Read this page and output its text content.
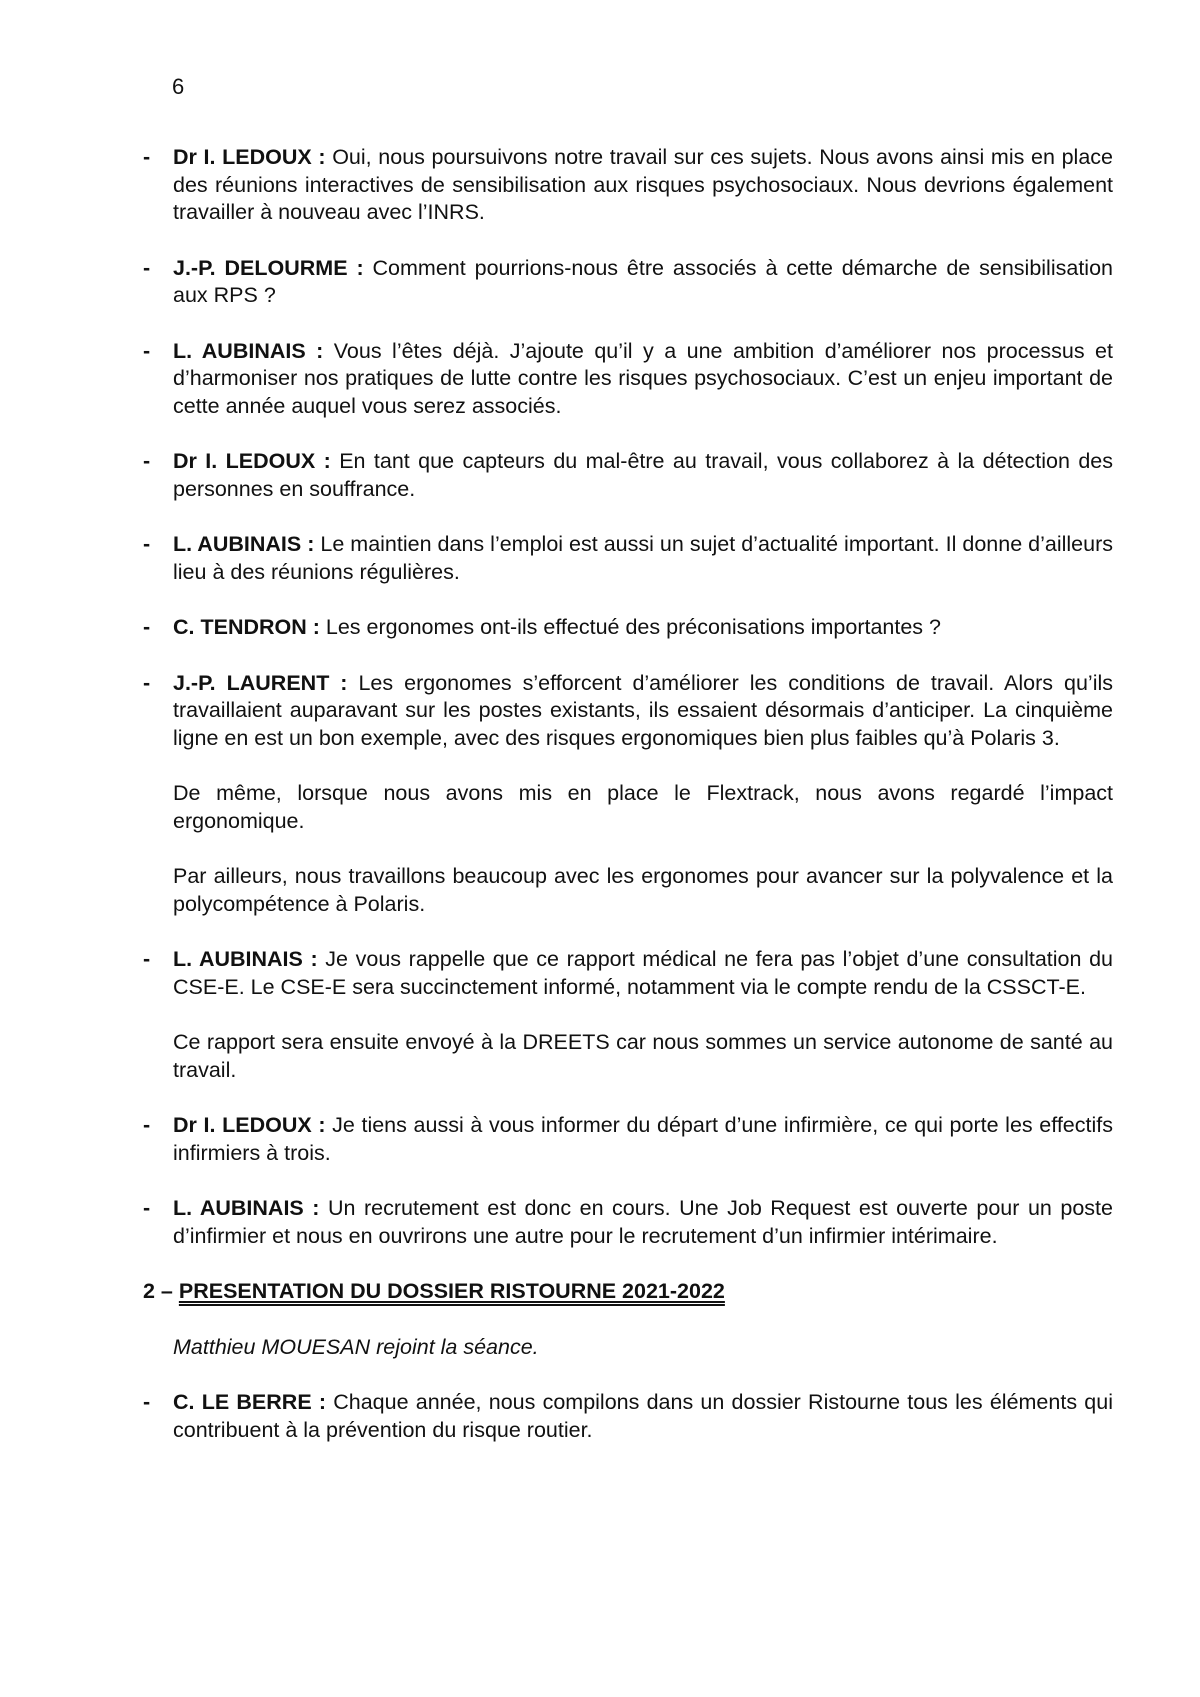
6
- Dr I. LEDOUX : Oui, nous poursuivons notre travail sur ces sujets. Nous avons ainsi mis en place des réunions interactives de sensibilisation aux risques psychosociaux. Nous devrions également travailler à nouveau avec l’INRS.
- J.-P. DELOURME : Comment pourrions-nous être associés à cette démarche de sensibilisation aux RPS ?
- L. AUBINAIS : Vous l’êtes déjà. J’ajoute qu’il y a une ambition d’améliorer nos processus et d’harmoniser nos pratiques de lutte contre les risques psychosociaux. C’est un enjeu important de cette année auquel vous serez associés.
- Dr I. LEDOUX : En tant que capteurs du mal-être au travail, vous collaborez à la détection des personnes en souffrance.
- L. AUBINAIS : Le maintien dans l’emploi est aussi un sujet d’actualité important. Il donne d’ailleurs lieu à des réunions régulières.
- C. TENDRON : Les ergonomes ont-ils effectué des préconisations importantes ?
- J.-P. LAURENT : Les ergonomes s’efforcent d’améliorer les conditions de travail. Alors qu’ils travaillaient auparavant sur les postes existants, ils essaient désormais d’anticiper. La cinquième ligne en est un bon exemple, avec des risques ergonomiques bien plus faibles qu’à Polaris 3.
De même, lorsque nous avons mis en place le Flextrack, nous avons regardé l’impact ergonomique.
Par ailleurs, nous travaillons beaucoup avec les ergonomes pour avancer sur la polyvalence et la polycompétence à Polaris.
- L. AUBINAIS : Je vous rappelle que ce rapport médical ne fera pas l’objet d’une consultation du CSE-E. Le CSE-E sera succinctement informé, notamment via le compte rendu de la CSSCT-E.
Ce rapport sera ensuite envoyé à la DREETS car nous sommes un service autonome de santé au travail.
- Dr I. LEDOUX : Je tiens aussi à vous informer du départ d’une infirmière, ce qui porte les effectifs infirmiers à trois.
- L. AUBINAIS : Un recrutement est donc en cours. Une Job Request est ouverte pour un poste d’infirmier et nous en ouvrirons une autre pour le recrutement d’un infirmier intérimaire.
2 – PRESENTATION DU DOSSIER RISTOURNE 2021-2022
Matthieu MOUESAN rejoint la séance.
- C. LE BERRE : Chaque année, nous compilons dans un dossier Ristourne tous les éléments qui contribuent à la prévention du risque routier.
